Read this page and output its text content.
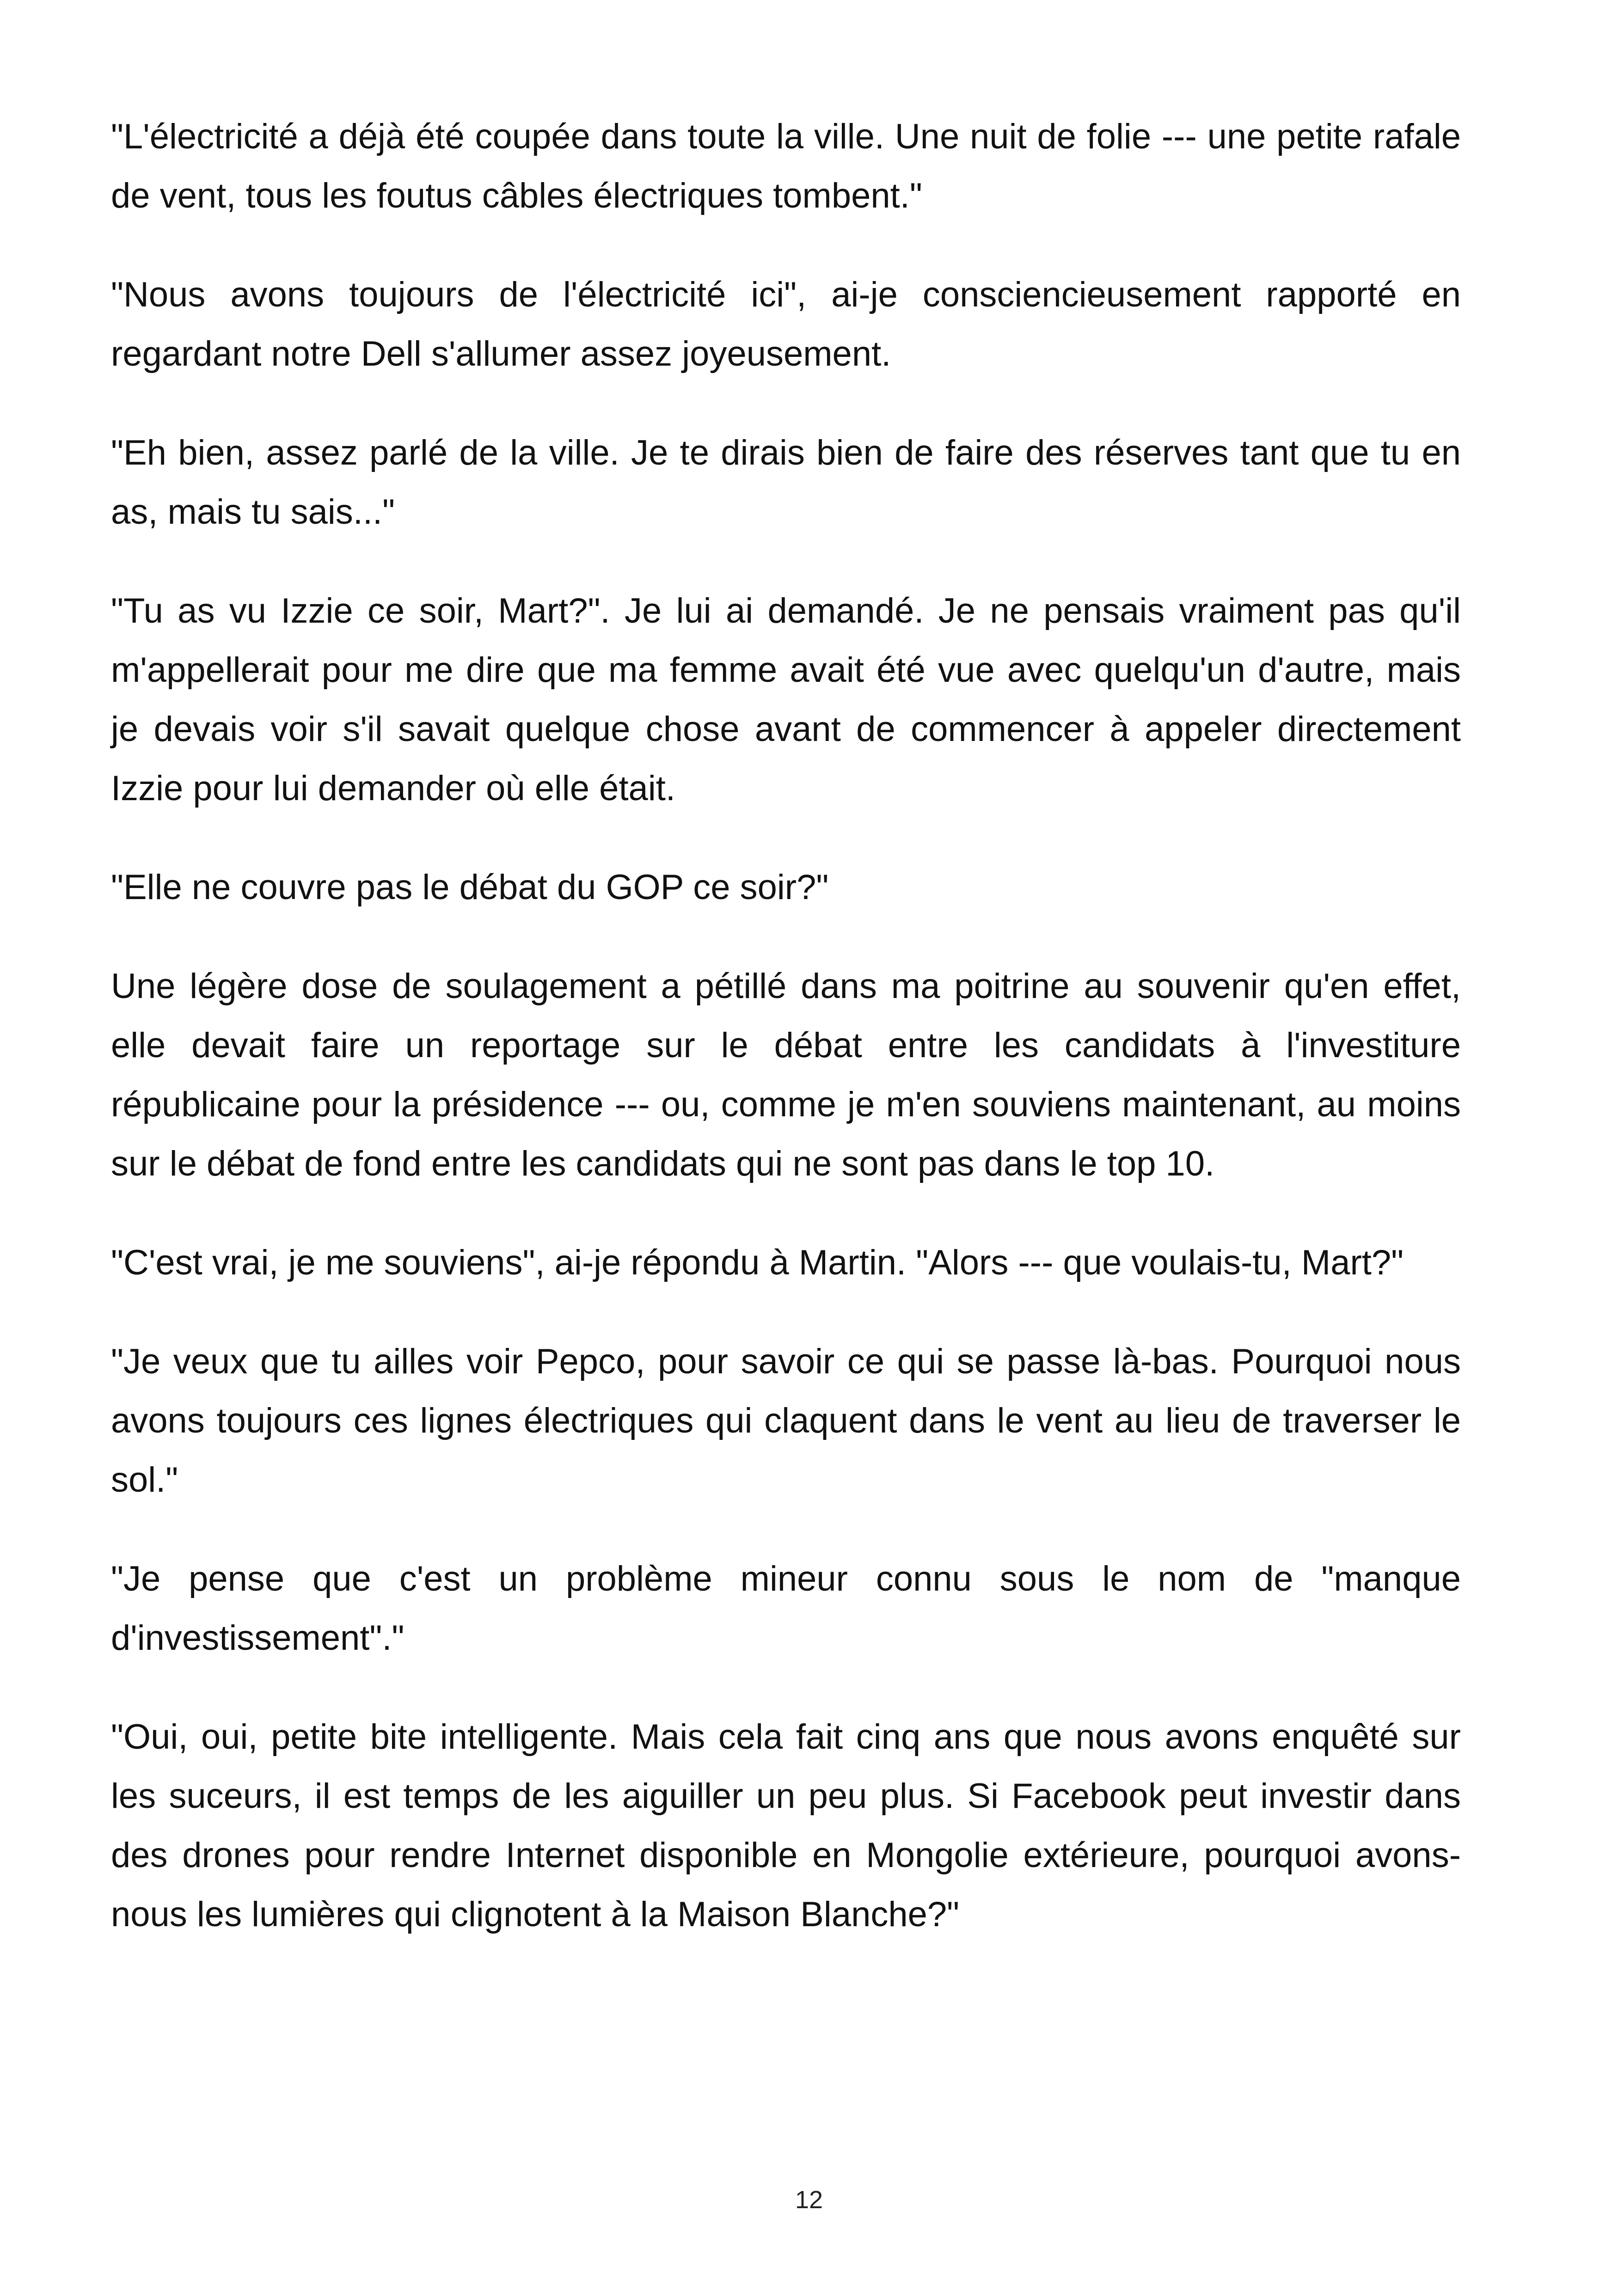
"L'électricité a déjà été coupée dans toute la ville. Une nuit de folie --- une petite rafale de vent, tous les foutus câbles électriques tombent."

"Nous avons toujours de l'électricité ici", ai-je consciencieusement rapporté en regardant notre Dell s'allumer assez joyeusement.

"Eh bien, assez parlé de la ville. Je te dirais bien de faire des réserves tant que tu en as, mais tu sais..."

"Tu as vu Izzie ce soir, Mart?". Je lui ai demandé. Je ne pensais vraiment pas qu'il m'appellerait pour me dire que ma femme avait été vue avec quelqu'un d'autre, mais je devais voir s'il savait quelque chose avant de commencer à appeler directement Izzie pour lui demander où elle était.

"Elle ne couvre pas le débat du GOP ce soir?"

Une légère dose de soulagement a pétillé dans ma poitrine au souvenir qu'en effet, elle devait faire un reportage sur le débat entre les candidats à l'investiture républicaine pour la présidence --- ou, comme je m'en souviens maintenant, au moins sur le débat de fond entre les candidats qui ne sont pas dans le top 10.

"C'est vrai, je me souviens", ai-je répondu à Martin. "Alors --- que voulais-tu, Mart?"

"Je veux que tu ailles voir Pepco, pour savoir ce qui se passe là-bas. Pourquoi nous avons toujours ces lignes électriques qui claquent dans le vent au lieu de traverser le sol."

"Je pense que c'est un problème mineur connu sous le nom de "manque d'investissement"."

"Oui, oui, petite bite intelligente. Mais cela fait cinq ans que nous avons enquêté sur les suceurs, il est temps de les aiguiller un peu plus. Si Facebook peut investir dans des drones pour rendre Internet disponible en Mongolie extérieure, pourquoi avons-nous les lumières qui clignotent à la Maison Blanche?"

12
